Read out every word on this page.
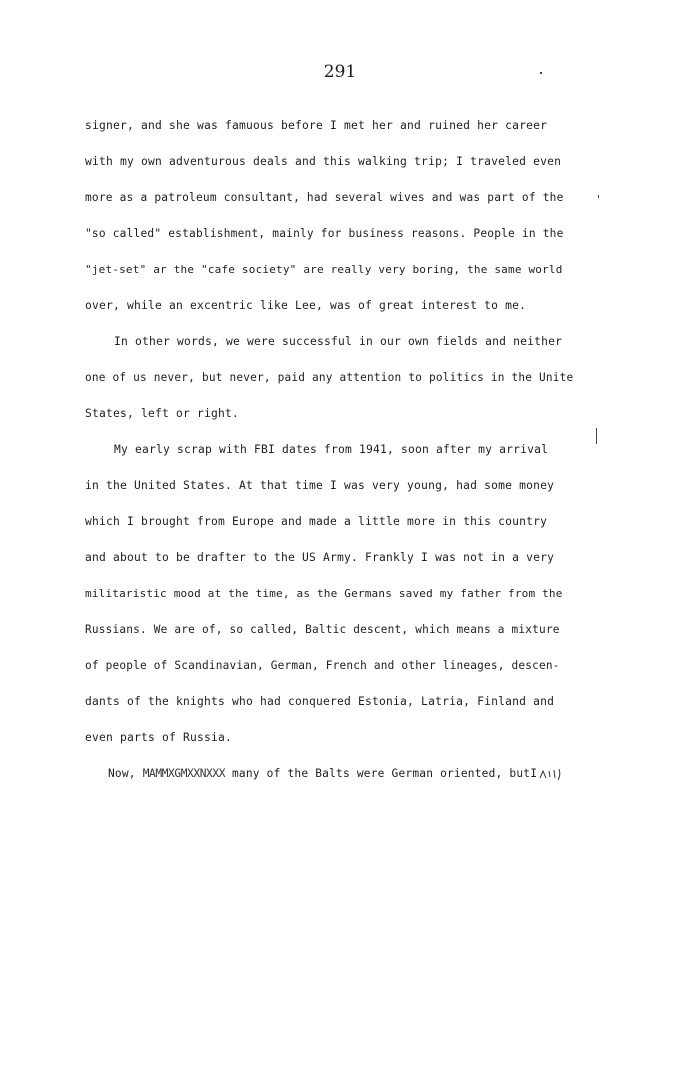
291
signer, and she was famuous before I met her and ruined her career
with my own adventurous deals and this walking trip; I traveled even
more as a patroleum consultant, had several wives and was part of the
"so called" establishment, mainly for business reasons. People in the
"jet-set" ar the "cafe society" are really very boring, the same world
over, while an excentric like Lee, was of great interest to me.
In other words, we were successful in our own fields and neither
one of us never, but never, paid any attention to politics in the Unite
States, left or right.
My early scrap with FBI dates from 1941, soon after my arrival
in the United States. At that time I was very young, had some money
which I brought from Europe and made a little more in this country
and about to be drafter to the US Army. Frankly I was not in a very
militaristic mood at the time, as the Germans saved my father from the
Russians. We are of, so called, Baltic descent, which means a mixture
of people of Scandinavian, German, French and other lineages, descen-
dants of the knights who had conquered Estonia, Latria, Finland and
even parts of Russia.
Now, MAMMXGMXXNXXX many of the Balts were German oriented, butI
